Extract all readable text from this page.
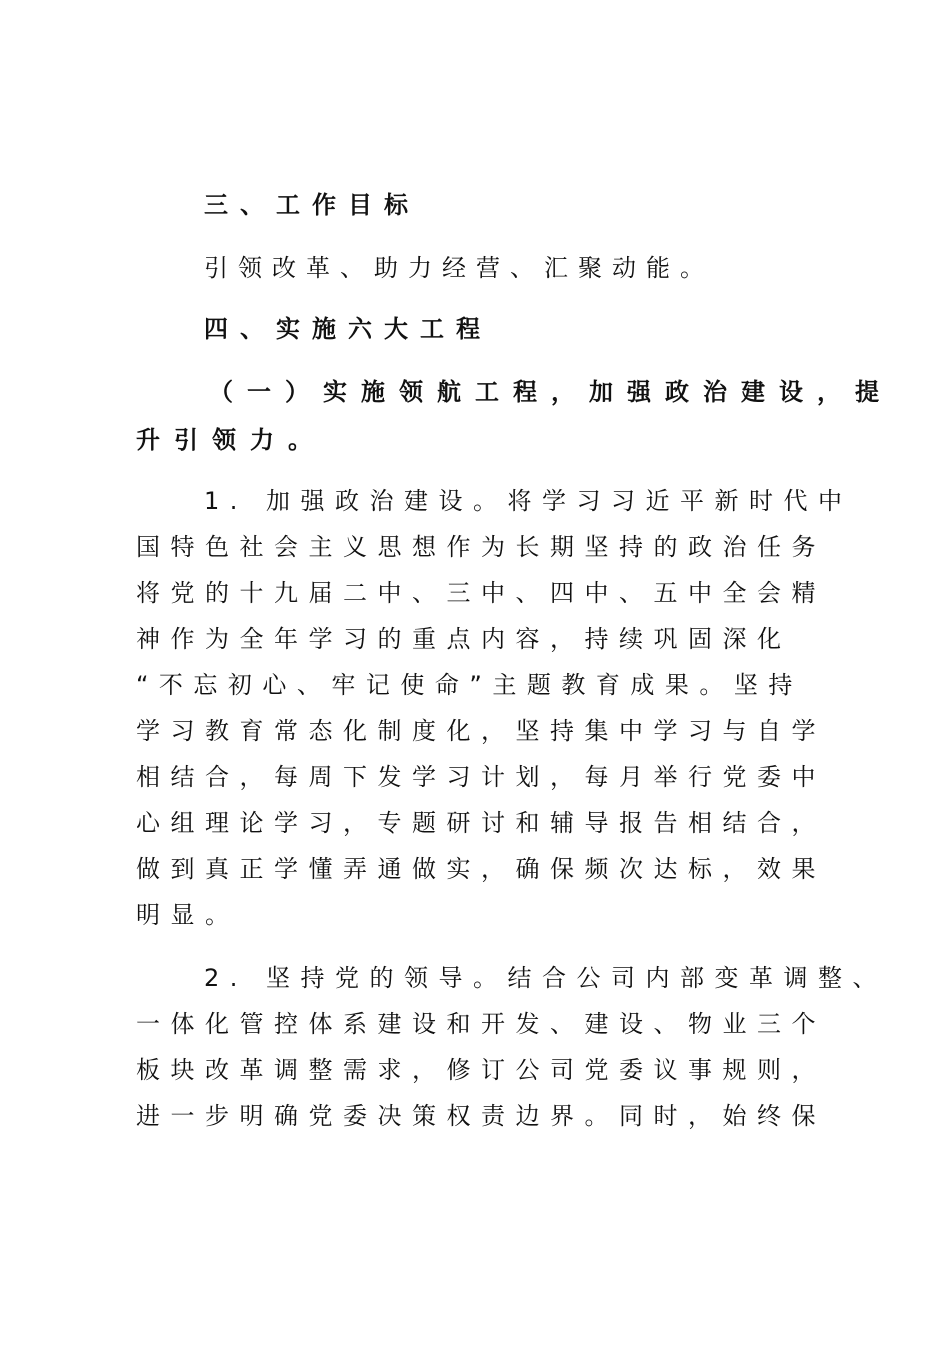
三、工作目标
引领改革、助力经营、汇聚动能。
四、实施六大工程
（一）实施领航工程，加强政治建设，提
升引领力。
1. 加强政治建设。将学习习近平新时代中
国特色社会主义思想作为长期坚持的政治任务
将党的十九届二中、三中、四中、五中全会精
神作为全年学习的重点内容，持续巩固深化
“不忘初心、牢记使命”主题教育成果。坚持
学习教育常态化制度化，坚持集中学习与自学
相结合，每周下发学习计划，每月举行党委中
心组理论学习，专题研讨和辅导报告相结合，
做到真正学懂弄通做实，确保频次达标，效果
明显。
2. 坚持党的领导。结合公司内部变革调整、
一体化管控体系建设和开发、建设、物业三个
板块改革调整需求，修订公司党委议事规则，
进一步明确党委决策权责边界。同时，始终保
